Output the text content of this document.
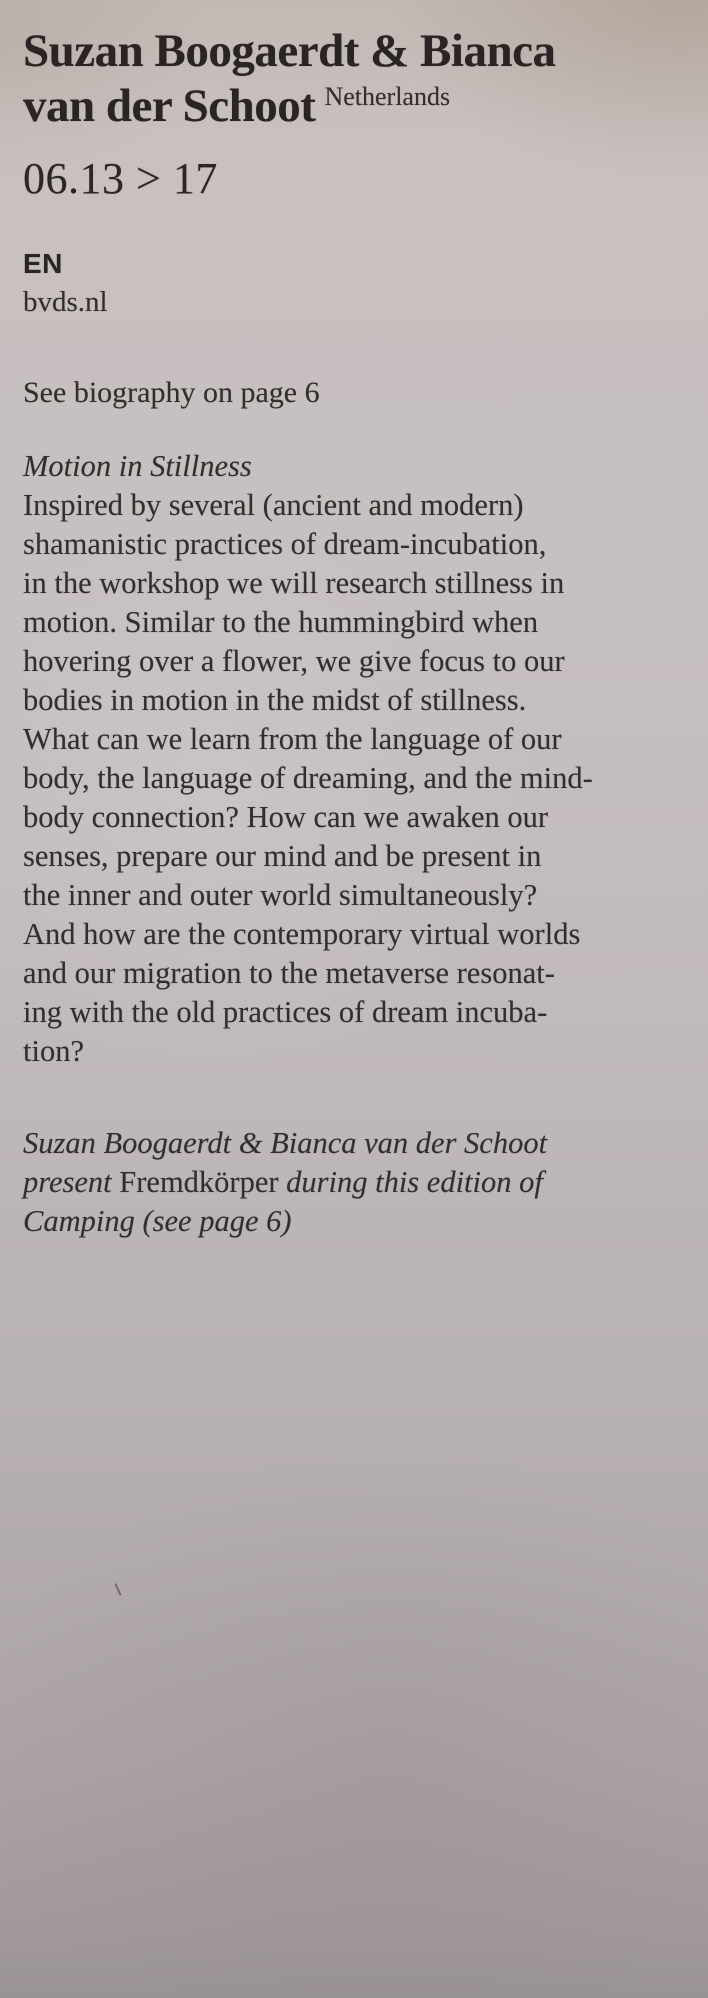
Suzan Boogaerdt & Bianca
van der Schoot $^{Netherlands}$
06.13 > 17
EN
bvds.nl
See biography on page 6
Motion in Stillness
Inspired by several (ancient and modern)
shamanistic practices of dream-incubation,
in the workshop we will research stillness in
motion. Similar to the hummingbird when
hovering over a flower, we give focus to our
bodies in motion in the midst of stillness.
What can we learn from the language of our
body, the language of dreaming, and the mind-
body connection? How can we awaken our
senses, prepare our mind and be present in
the inner and outer world simultaneously?
And how are the contemporary virtual worlds
and our migration to the metaverse resonat-
ing with the old practices of dream incuba-
tion?
Suzan Boogaerdt & Bianca van der Schoot
present Fremdkörper during this edition of
Camping (see page 6)
